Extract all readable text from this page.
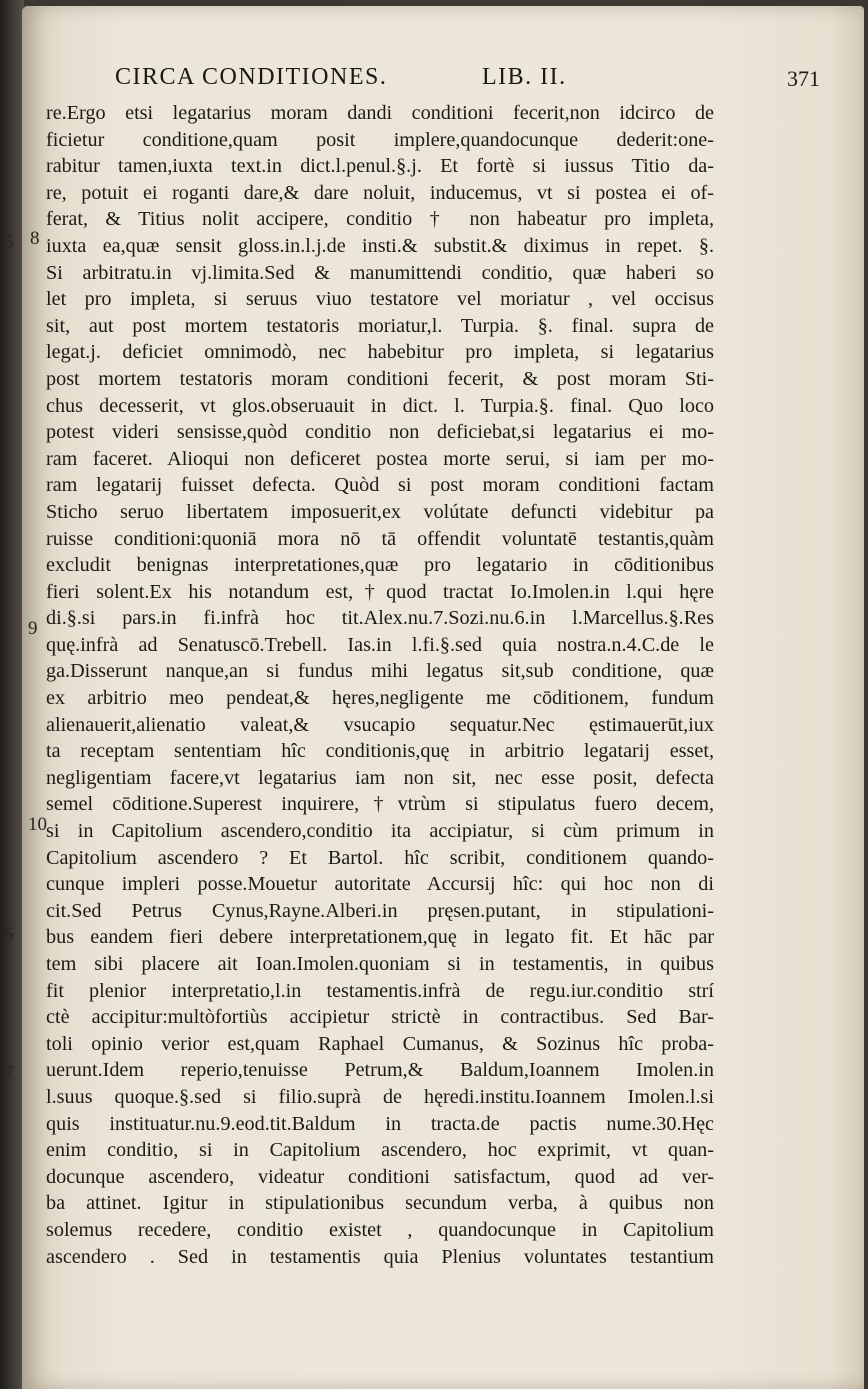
CIRCA CONDITIONES.	LIB. II.	371
5 8
9
10
6
7
re.Ergo etsi legatarius moram dandi conditioni fecerit,non idcirco de
ficietur conditione,quam posit implere,quandocunque dederit:one-
rabitur tamen,iuxta text.in dict.l.penul.§.j. Et fortè si iussus Titio da-
re, potuit ei roganti dare,& dare noluit, inducemus, vt si postea ei of-
ferat, & Titius nolit accipere, conditio † non habeatur pro impleta,
iuxta ea,quæ sensit gloss.in.l.j.de insti.& substit.& diximus in repet. §.
Si arbitratu.in vj.limita.Sed & manumittendi conditio, quæ haberi so
let pro impleta, si seruus viuo testatore vel moriatur , vel occisus
sit, aut post mortem testatoris moriatur,l. Turpia. §. final. supra de
legat.j. deficiet omnimodò, nec habebitur pro impleta, si legatarius
post mortem testatoris moram conditioni fecerit, & post moram Sti-
chus decesserit, vt glos.obseruauit in dict. l. Turpia.§. final. Quo loco
potest videri sensisse,quòd conditio non deficiebat,si legatarius ei mo-
ram faceret. Alioqui non deficeret postea morte serui, si iam per mo-
ram legatarij fuisset defecta. Quòd si post moram conditioni factam
Sticho seruo libertatem imposuerit,ex volútate defuncti videbitur pa
ruisse conditioni:quoniā mora nō tā offendit voluntatē testantis,quàm
excludit benignas interpretationes,quæ pro legatario in cōditionibus
fieri solent.Ex his notandum est,†quod tractat Io.Imolen.in l.qui hęre
di.§.si pars.in fi.infrà hoc tit.Alex.nu.7.Sozi.nu.6.in l.Marcellus.§.Res
quę.infrà ad Senatuscō.Trebell. Ias.in l.fi.§.sed quia nostra.n.4.C.de le
ga.Disserunt nanque,an si fundus mihi legatus sit,sub conditione, quæ
ex arbitrio meo pendeat,& hęres,negligente me cōditionem, fundum
alienauerit,alienatio valeat,& vsucapio sequatur.Nec ęstimauerūt,iux
ta receptam sententiam hîc conditionis,quę in arbitrio legatarij esset,
negligentiam facere,vt legatarius iam non sit, nec esse posit, defecta
semel cōditione.Superest inquirere,†vtrùm si stipulatus fuero decem,
si in Capitolium ascendero,conditio ita accipiatur, si cùm primum in
Capitolium ascendero ? Et Bartol. hîc scribit, conditionem quando-
cunque impleri posse.Mouetur autoritate Accursij hîc: qui hoc non di
cit.Sed Petrus Cynus,Rayne.Alberi.in pręsen.putant, in stipulationi-
bus eandem fieri debere interpretationem,quę in legato fit. Et hāc par
tem sibi placere ait Ioan.Imolen.quoniam si in testamentis, in quibus
fit plenior interpretatio,l.in testamentis.infrà de regu.iur.conditio strí
ctè accipitur:multòfortiùs accipietur strictè in contractibus. Sed Bar-
toli opinio verior est,quam Raphael Cumanus, & Sozinus hîc proba-
uerunt.Idem reperio,tenuisse Petrum,& Baldum,Ioannem Imolen.in
l.suus quoque.§.sed si filio.suprà de hęredi.institu.Ioannem Imolen.l.si
quis instituatur.nu.9.eod.tit.Baldum in tracta.de pactis nume.30.Hęc
enim conditio, si in Capitolium ascendero, hoc exprimit, vt quan-
docunque ascendero, videatur conditioni satisfactum, quod ad ver-
ba attinet. Igitur in stipulationibus secundum verba, à quibus non
solemus recedere, conditio existet , quandocunque in Capitolium
ascendero . Sed in testamentis quia Plenius voluntates testantium
